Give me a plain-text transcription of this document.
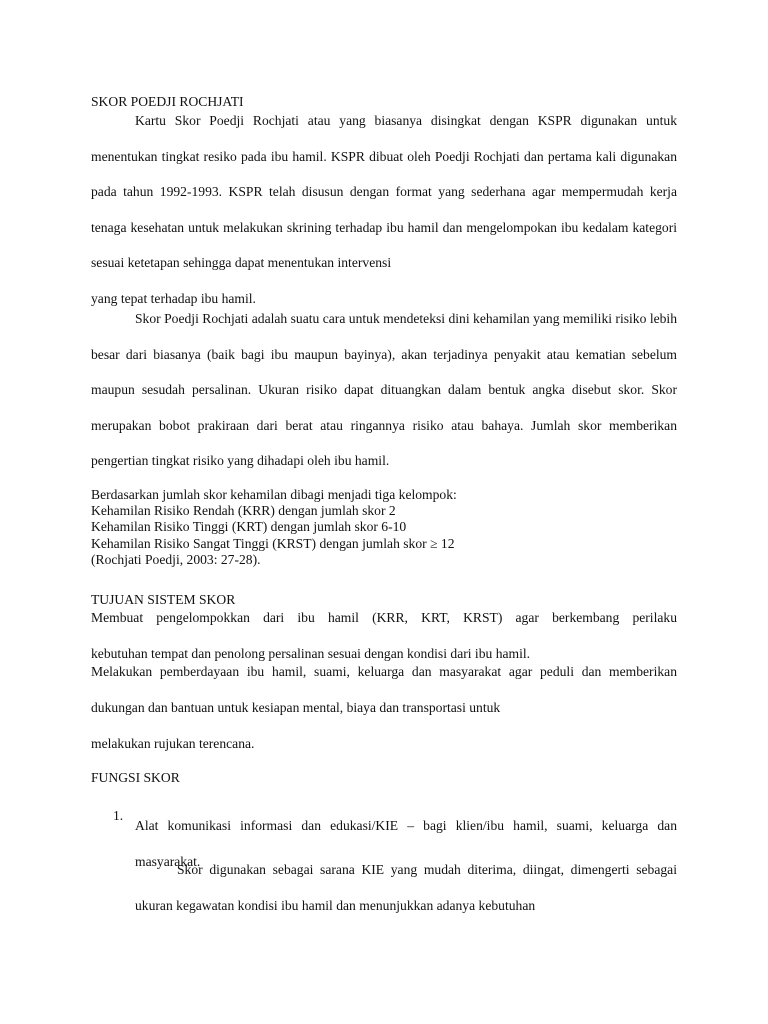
SKOR POEDJI ROCHJATI
Kartu Skor Poedji Rochjati atau yang biasanya disingkat dengan KSPR digunakan untuk menentukan tingkat resiko pada ibu hamil. KSPR dibuat oleh Poedji Rochjati dan pertama kali digunakan pada tahun 1992-1993. KSPR telah disusun dengan format yang sederhana agar mempermudah kerja tenaga kesehatan untuk melakukan skrining terhadap ibu hamil dan mengelompokan ibu kedalam kategori sesuai ketetapan sehingga dapat menentukan intervensi
yang tepat terhadap ibu hamil.
Skor Poedji Rochjati adalah suatu cara untuk mendeteksi dini kehamilan yang memiliki risiko lebih besar dari biasanya (baik bagi ibu maupun bayinya), akan terjadinya penyakit atau kematian sebelum maupun sesudah persalinan. Ukuran risiko dapat dituangkan dalam bentuk angka disebut skor. Skor merupakan bobot prakiraan dari berat atau ringannya risiko atau bahaya. Jumlah skor memberikan pengertian tingkat risiko yang dihadapi oleh ibu hamil.
Berdasarkan jumlah skor kehamilan dibagi menjadi tiga kelompok:
Kehamilan Risiko Rendah (KRR) dengan jumlah skor 2
Kehamilan Risiko Tinggi (KRT) dengan jumlah skor 6-10
Kehamilan Risiko Sangat Tinggi (KRST) dengan jumlah skor ≥ 12
(Rochjati Poedji, 2003: 27-28).
TUJUAN SISTEM SKOR
Membuat pengelompokkan dari ibu hamil (KRR, KRT, KRST) agar berkembang perilaku
kebutuhan tempat dan penolong persalinan sesuai dengan kondisi dari ibu hamil.
Melakukan pemberdayaan ibu hamil, suami, keluarga dan masyarakat agar peduli dan memberikan dukungan dan bantuan untuk kesiapan mental, biaya dan transportasi untuk
melakukan rujukan terencana.
FUNGSI SKOR
1.
Alat komunikasi informasi dan edukasi/KIE – bagi klien/ibu hamil, suami, keluarga dan
masyarakat.
Skor digunakan sebagai sarana KIE yang mudah diterima, diingat, dimengerti sebagai ukuran kegawatan kondisi ibu hamil dan menunjukkan adanya kebutuhan
